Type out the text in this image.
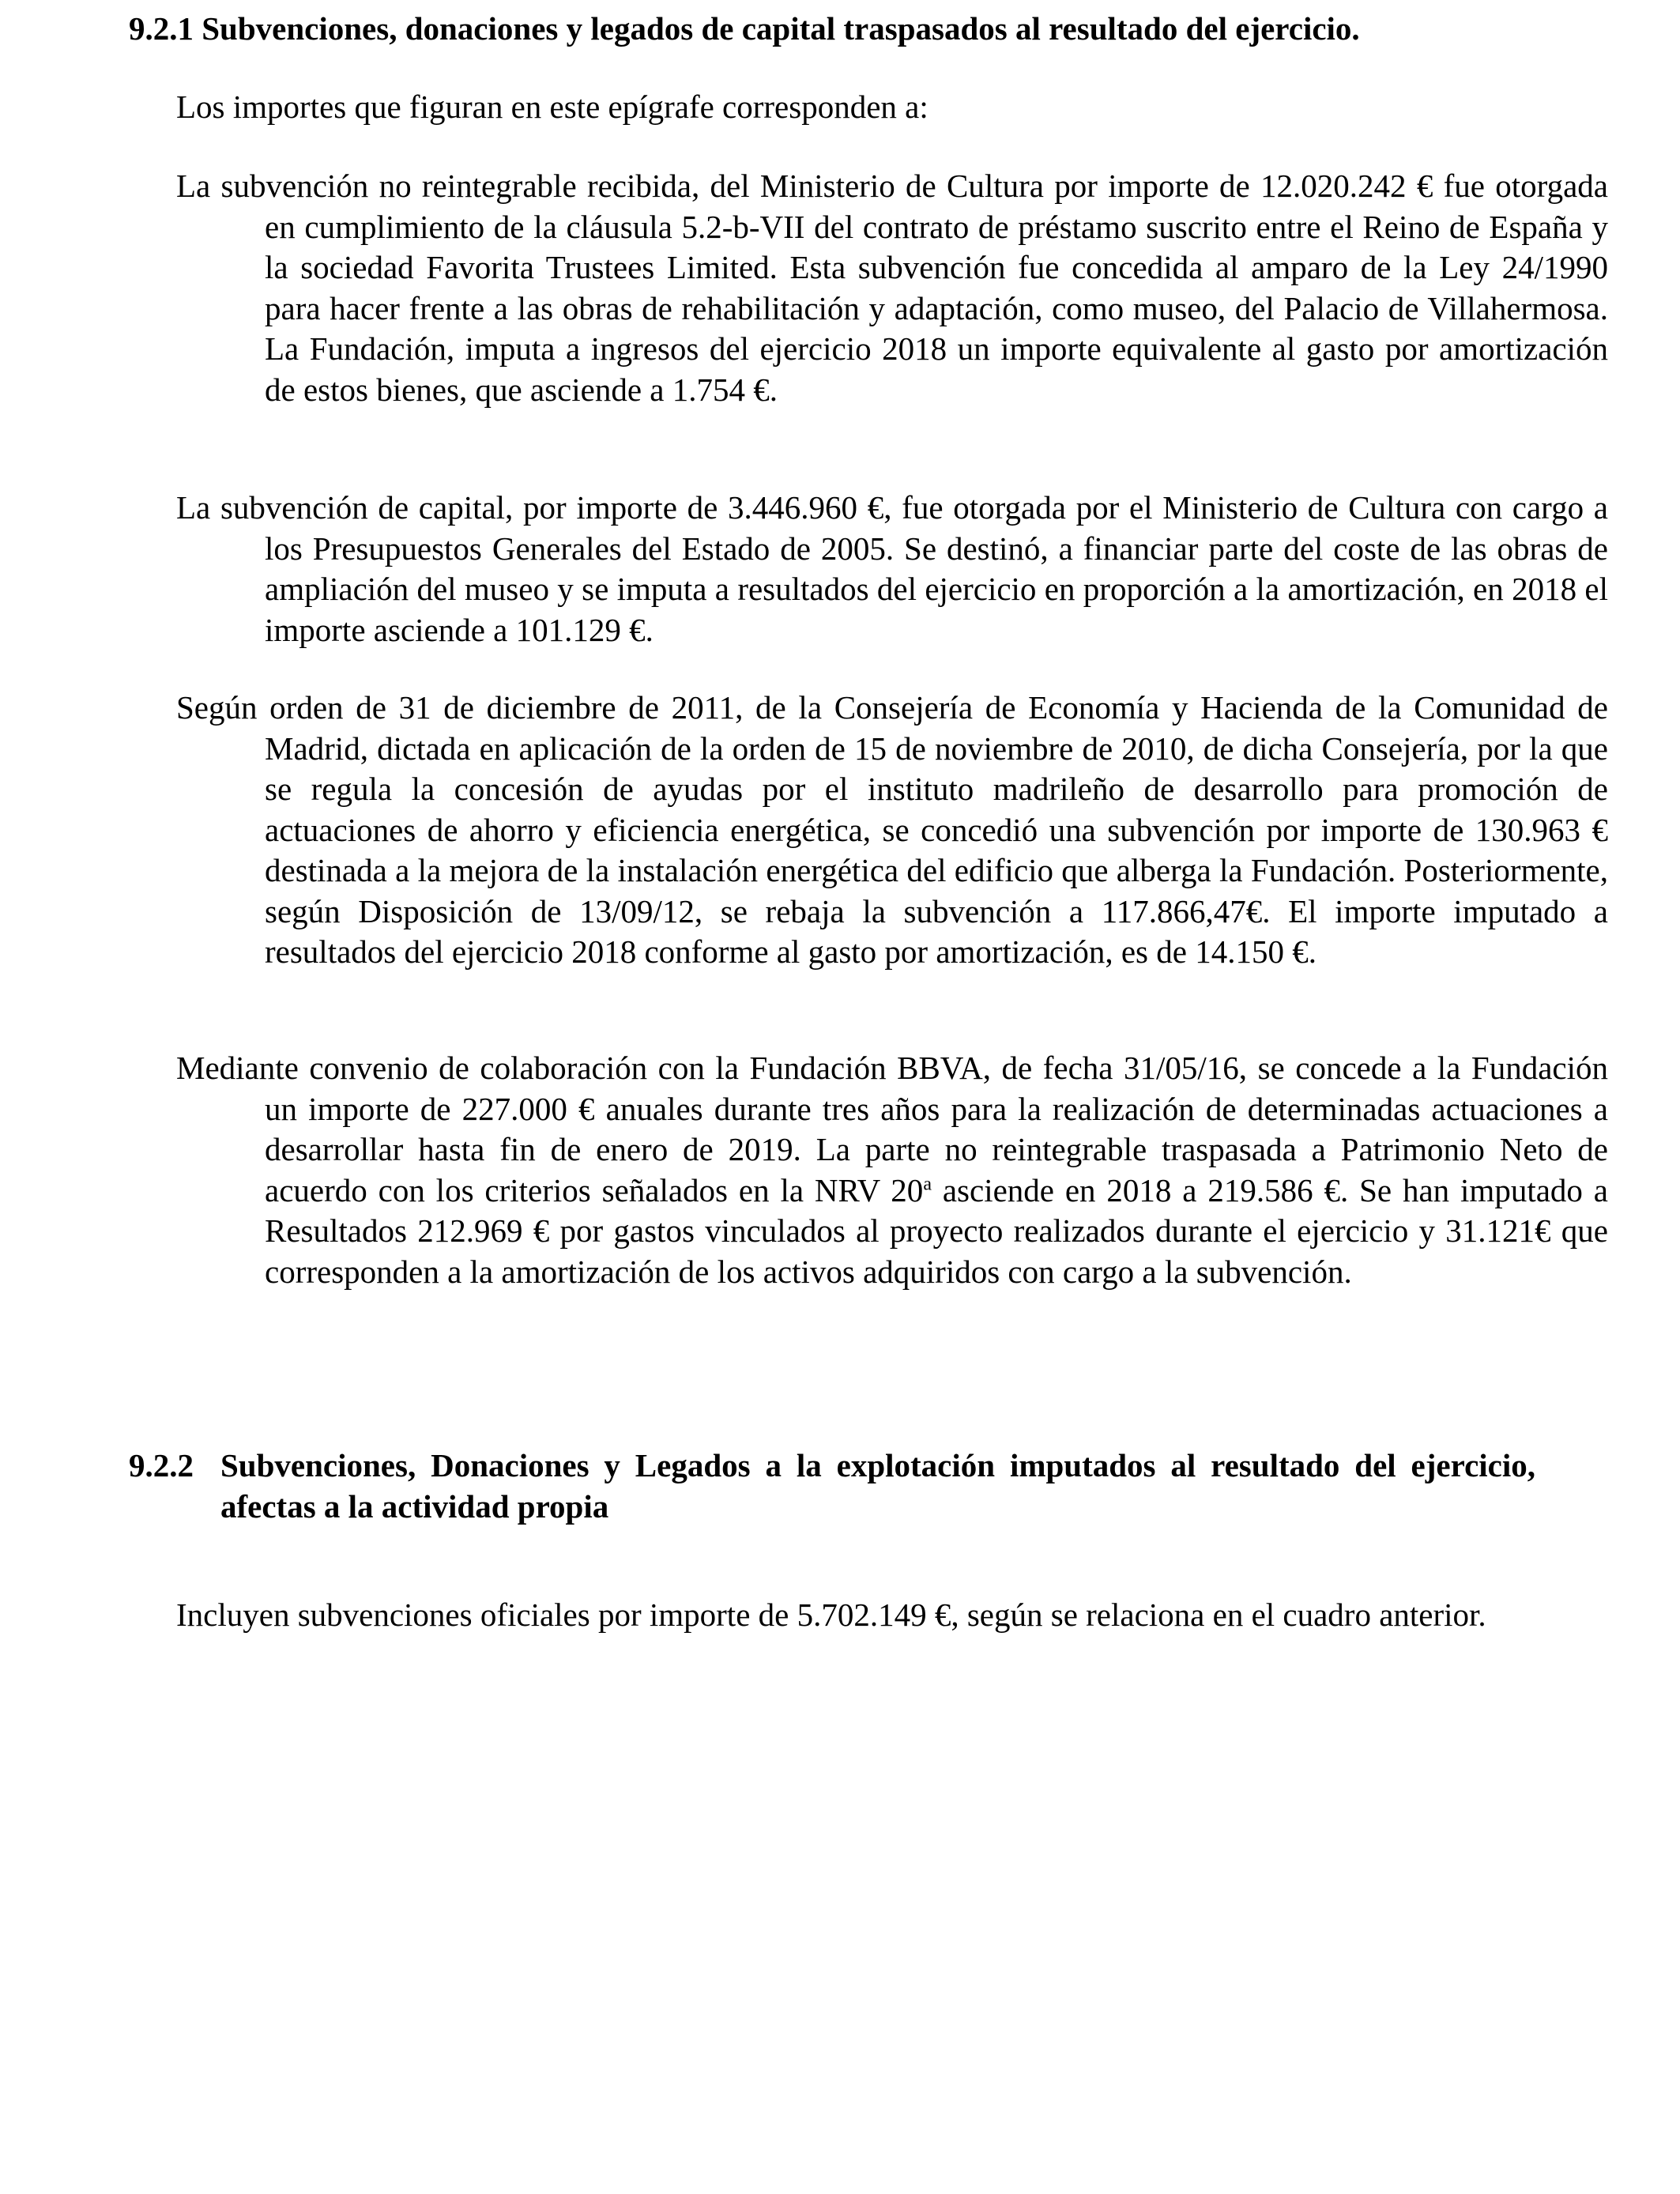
9.2.1 Subvenciones, donaciones y legados de capital traspasados al resultado del ejercicio.

Los importes que figuran en este epígrafe corresponden a:

La subvención no reintegrable recibida, del Ministerio de Cultura por importe de 12.020.242 € fue otorgada en cumplimiento de la cláusula 5.2-b-VII del contrato de préstamo suscrito entre el Reino de España y la sociedad Favorita Trustees Limited. Esta subvención fue concedida al amparo de la Ley 24/1990 para hacer frente a las obras de rehabilitación y adaptación, como museo, del Palacio de Villahermosa. La Fundación, imputa a ingresos del ejercicio 2018 un importe equivalente al gasto por amortización de estos bienes, que asciende a 1.754 €.

La subvención de capital, por importe de 3.446.960 €, fue otorgada por el Ministerio de Cultura con cargo a los Presupuestos Generales del Estado de 2005. Se destinó, a financiar parte del coste de las obras de ampliación del museo y se imputa a resultados del ejercicio en proporción a la amortización, en 2018 el importe asciende a 101.129 €.

Según orden de 31 de diciembre de 2011, de la Consejería de Economía y Hacienda de la Comunidad de Madrid, dictada en aplicación de la orden de 15 de noviembre de 2010, de dicha Consejería, por la que se regula la concesión de ayudas por el instituto madrileño de desarrollo para promoción de actuaciones de ahorro y eficiencia energética, se concedió una subvención por importe de 130.963 € destinada a la mejora de la instalación energética del edificio que alberga la Fundación. Posteriormente, según Disposición de 13/09/12, se rebaja la subvención a 117.866,47€. El importe imputado a resultados del ejercicio 2018 conforme al gasto por amortización, es de 14.150 €.

Mediante convenio de colaboración con la Fundación BBVA, de fecha 31/05/16, se concede a la Fundación un importe de 227.000 € anuales durante tres años para la realización de determinadas actuaciones a desarrollar hasta fin de enero de 2019. La parte no reintegrable traspasada a Patrimonio Neto de acuerdo con los criterios señalados en la NRV 20$^a$ asciende en 2018 a 219.586 €. Se han imputado a Resultados 212.969 € por gastos vinculados al proyecto realizados durante el ejercicio y 31.121€ que corresponden a la amortización de los activos adquiridos con cargo a la subvención.

9.2.2 Subvenciones, Donaciones y Legados a la explotación imputados al resultado del ejercicio, afectas a la actividad propia

Incluyen subvenciones oficiales por importe de 5.702.149 €, según se relaciona en el cuadro anterior.
